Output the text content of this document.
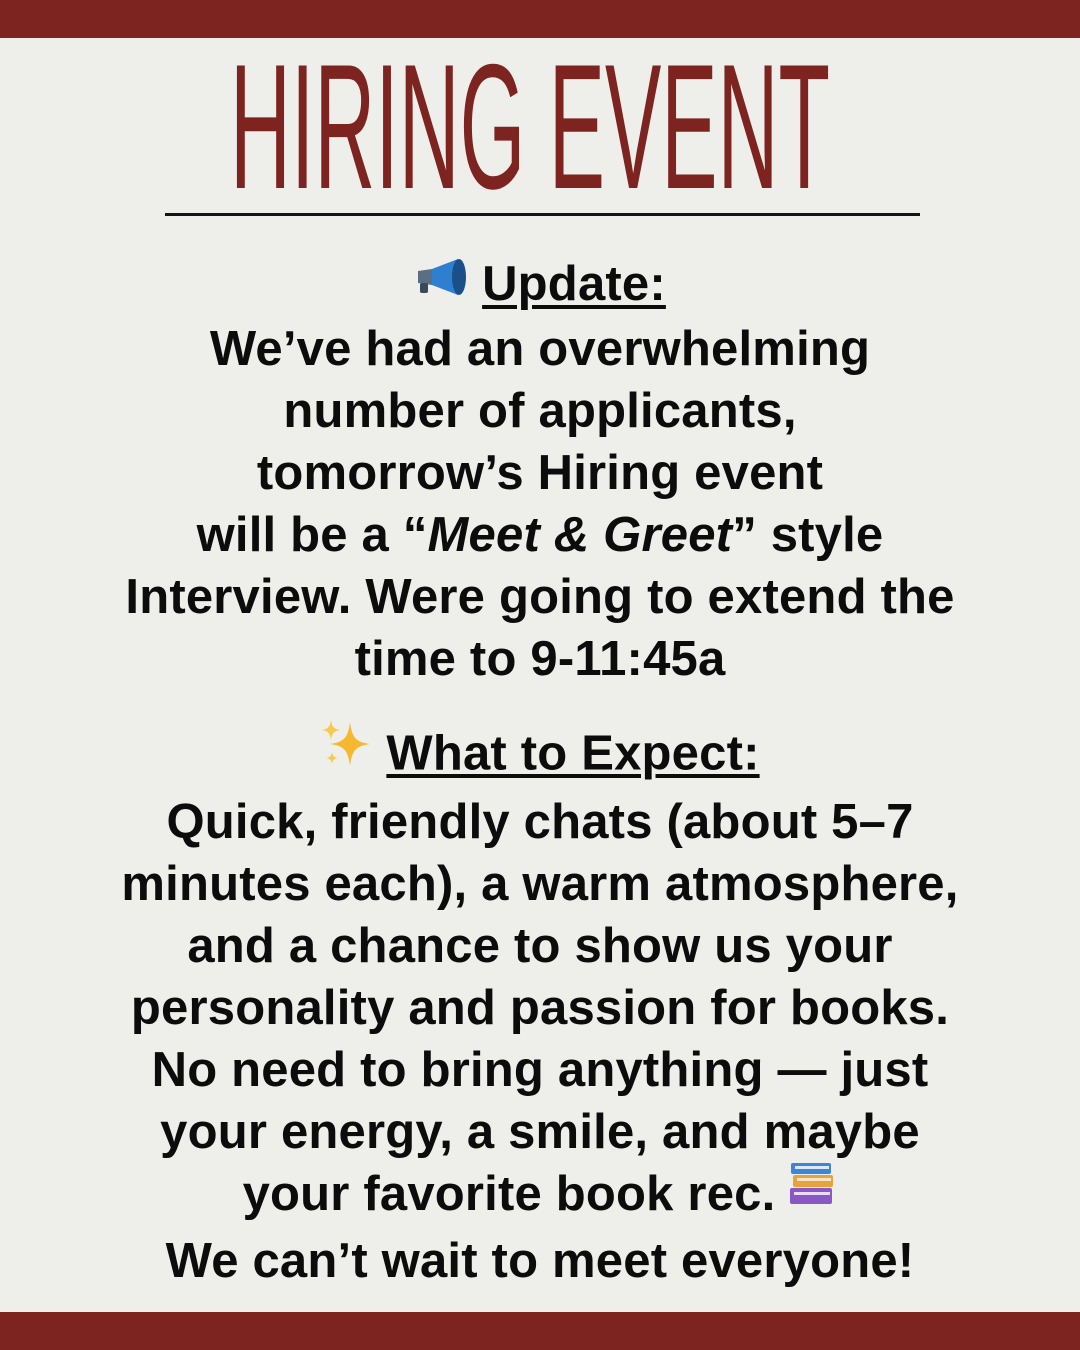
HIRING EVENT
Update:
We’ve had an overwhelming
number of applicants,
tomorrow’s Hiring event
will be a “Meet & Greet” style
Interview. Were going to extend the
time to 9-11:45a
What to Expect:
Quick, friendly chats (about 5–7
minutes each), a warm atmosphere,
and a chance to show us your
personality and passion for books.
No need to bring anything — just
your energy, a smile, and maybe
your favorite book rec.
We can’t wait to meet everyone!
